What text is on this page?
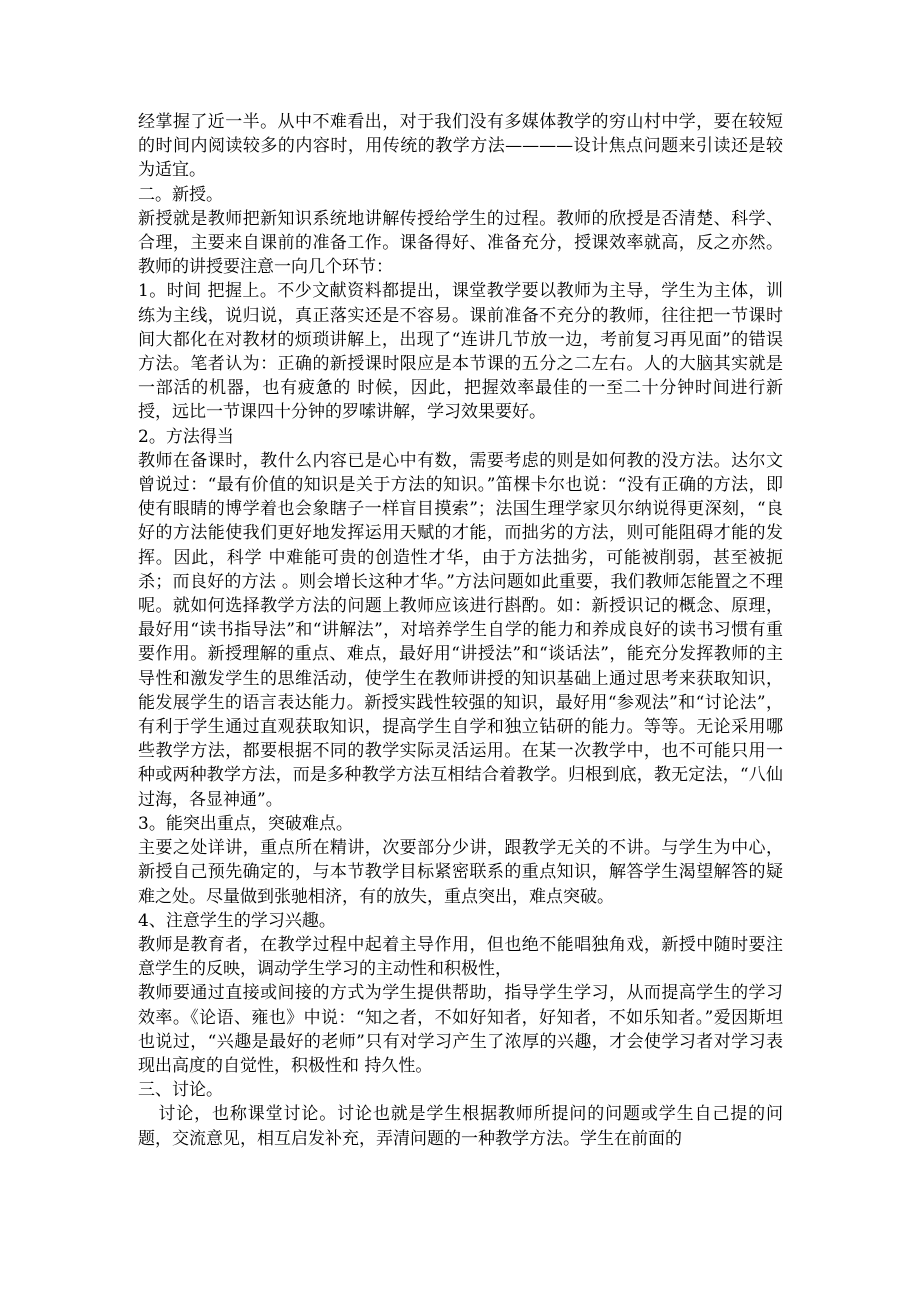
经掌握了近一半。从中不难看出，对于我们没有多媒体教学的穷山村中学，要在较短的时间内阅读较多的内容时，用传统的教学方法————设计焦点问题来引读还是较为适宜。

二。新授。

新授就是教师把新知识系统地讲解传授给学生的过程。教师的欣授是否清楚、科学、合理，主要来自课前的准备工作。课备得好、准备充分，授课效率就高，反之亦然。教师的讲授要注意一向几个环节：

1。时间 把握上。不少文献资料都提出，课堂教学要以教师为主导，学生为主体，训练为主线，说归说，真正落实还是不容易。课前准备不充分的教师，往往把一节课时间大都化在对教材的烦琐讲解上，出现了“连讲几节放一边，考前复习再见面”的错误方法。笔者认为：正确的新授课时限应是本节课的五分之二左右。人的大脑其实就是一部活的机器，也有疲惫的 时候，因此，把握效率最佳的一至二十分钟时间进行新授，远比一节课四十分钟的罗嗦讲解，学习效果要好。

2。方法得当

教师在备课时，教什么内容已是心中有数，需要考虑的则是如何教的没方法。达尔文曾说过：“最有价值的知识是关于方法的知识。”笛棵卡尔也说：“没有正确的方法，即使有眼睛的博学着也会象瞎子一样盲目摸索”；法国生理学家贝尔纳说得更深刻，“良好的方法能使我们更好地发挥运用天赋的才能，而拙劣的方法，则可能阻碍才能的发挥。因此，科学 中难能可贵的创造性才华，由于方法拙劣，可能被削弱，甚至被扼杀；而良好的方法 。则会增长这种才华。”方法问题如此重要，我们教师怎能置之不理呢。就如何选择教学方法的问题上教师应该进行斟酌。如：新授识记的概念、原理，最好用“读书指导法”和“讲解法”，对培养学生自学的能力和养成良好的读书习惯有重要作用。新授理解的重点、难点，最好用“讲授法”和“谈话法”，能充分发挥教师的主导性和激发学生的思维活动，使学生在教师讲授的知识基础上通过思考来获取知识，能发展学生的语言表达能力。新授实践性较强的知识，最好用“参观法”和“讨论法”，有利于学生通过直观获取知识，提高学生自学和独立钻研的能力。等等。无论采用哪些教学方法，都要根据不同的教学实际灵活运用。在某一次教学中，也不可能只用一种或两种教学方法，而是多种教学方法互相结合着教学。归根到底，教无定法，“八仙过海，各显神通”。

3。能突出重点，突破难点。

主要之处详讲，重点所在精讲，次要部分少讲，跟教学无关的不讲。与学生为中心，新授自己预先确定的，与本节教学目标紧密联系的重点知识，解答学生渴望解答的疑难之处。尽量做到张驰相济，有的放失，重点突出，难点突破。

4、注意学生的学习兴趣。

教师是教育者，在教学过程中起着主导作用，但也绝不能唱独角戏，新授中随时要注意学生的反映，调动学生学习的主动性和积极性，

教师要通过直接或间接的方式为学生提供帮助，指导学生学习，从而提高学生的学习效率。《论语、雍也》中说：“知之者，不如好知者，好知者，不如乐知者。”爱因斯坦也说过，“兴趣是最好的老师”只有对学习产生了浓厚的兴趣，才会使学习者对学习表现出高度的自觉性，积极性和 持久性。

三、讨论。

讨论，也称课堂讨论。讨论也就是学生根据教师所提问的问题或学生自己提的问题，交流意见，相互启发补充，弄清问题的一种教学方法。学生在前面的
